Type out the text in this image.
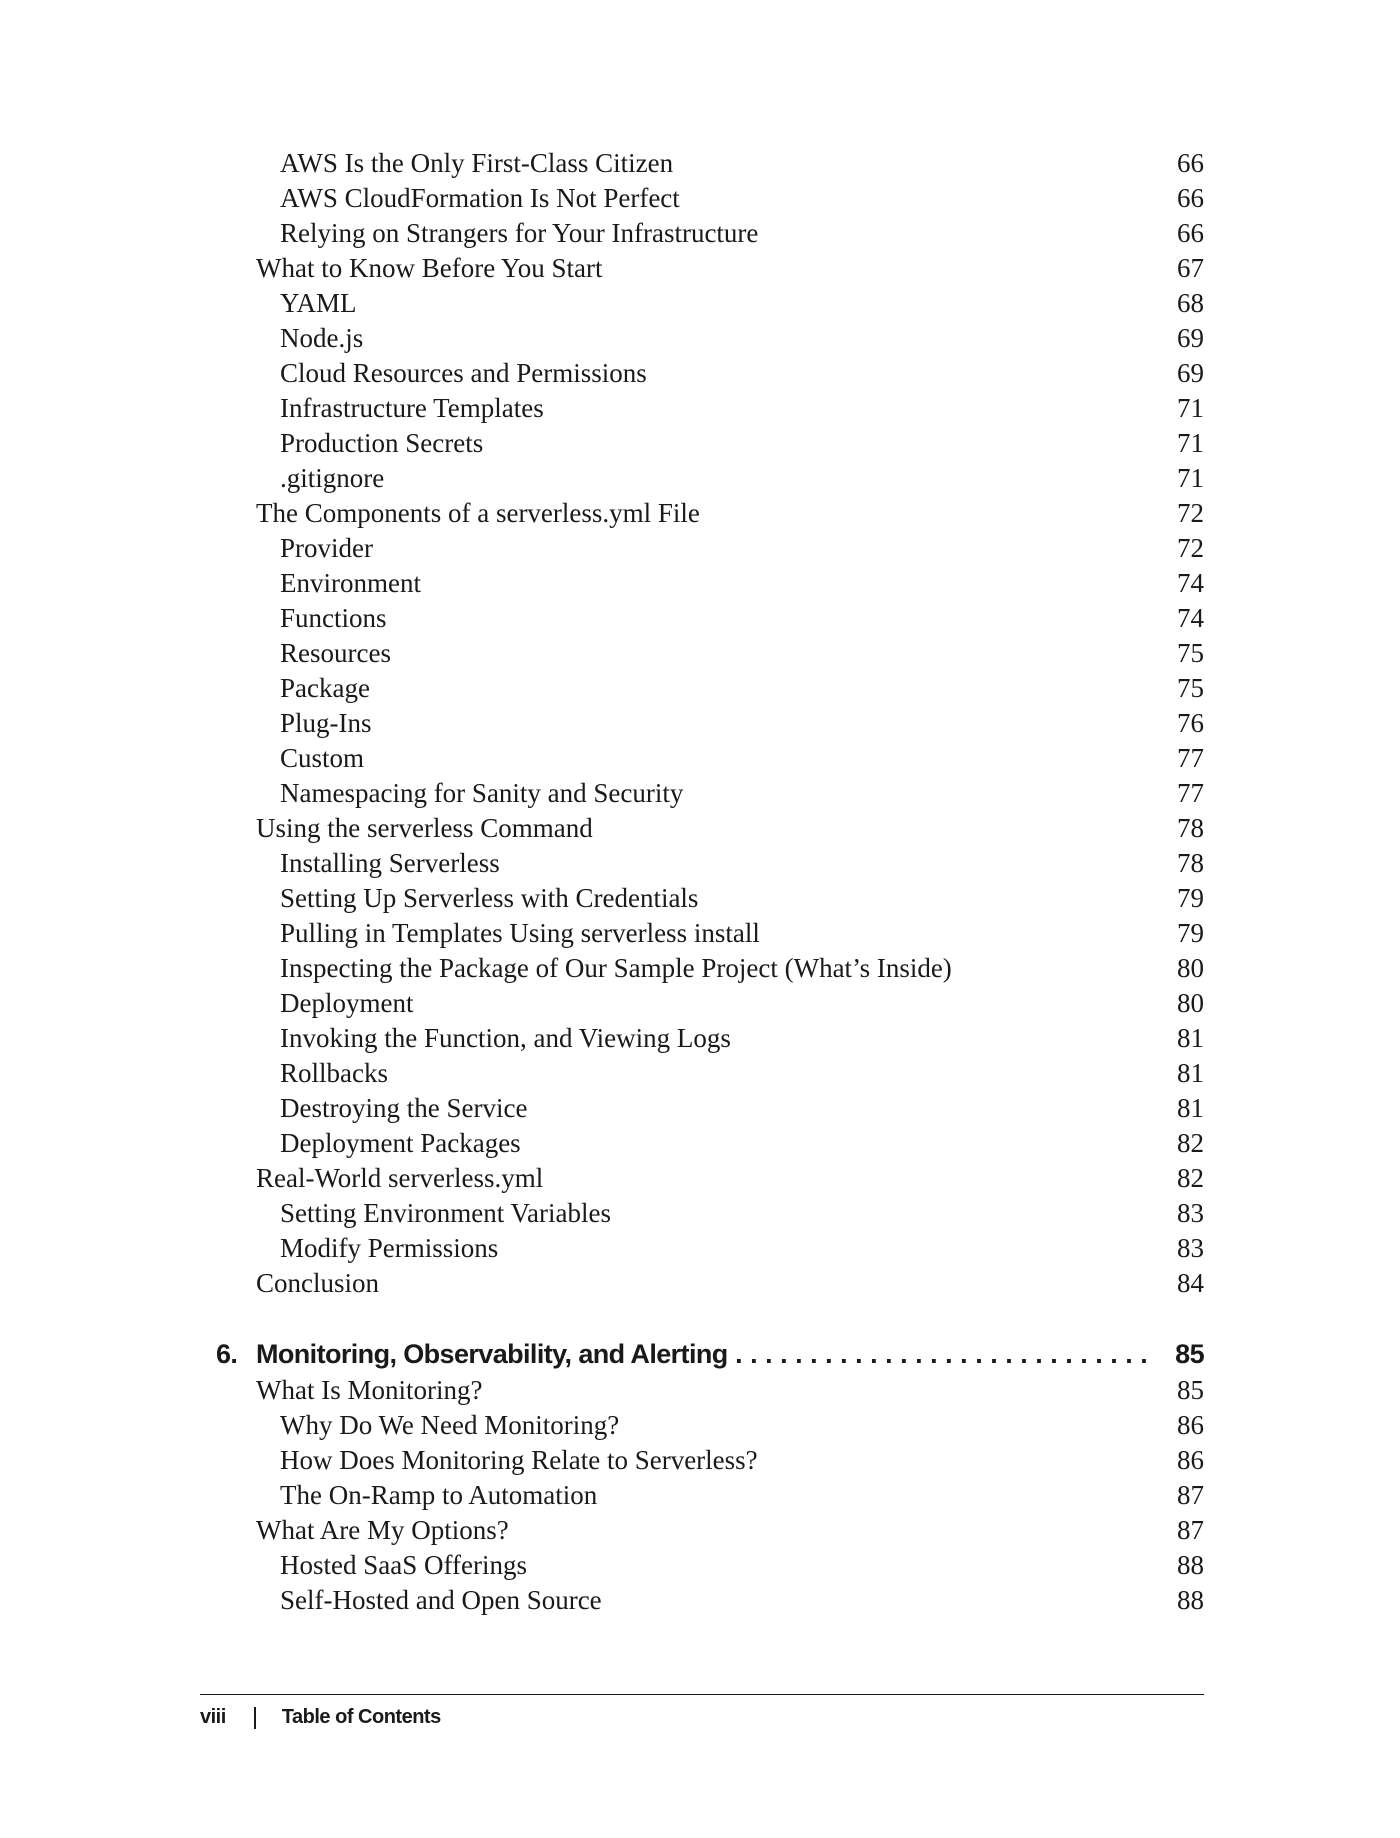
AWS Is the Only First-Class Citizen	66
AWS CloudFormation Is Not Perfect	66
Relying on Strangers for Your Infrastructure	66
What to Know Before You Start	67
YAML	68
Node.js	69
Cloud Resources and Permissions	69
Infrastructure Templates	71
Production Secrets	71
.gitignore	71
The Components of a serverless.yml File	72
Provider	72
Environment	74
Functions	74
Resources	75
Package	75
Plug-Ins	76
Custom	77
Namespacing for Sanity and Security	77
Using the serverless Command	78
Installing Serverless	78
Setting Up Serverless with Credentials	79
Pulling in Templates Using serverless install	79
Inspecting the Package of Our Sample Project (What’s Inside)	80
Deployment	80
Invoking the Function, and Viewing Logs	81
Rollbacks	81
Destroying the Service	81
Deployment Packages	82
Real-World serverless.yml	82
Setting Environment Variables	83
Modify Permissions	83
Conclusion	84
6. Monitoring, Observability, and Alerting . . .	85
What Is Monitoring?	85
Why Do We Need Monitoring?	86
How Does Monitoring Relate to Serverless?	86
The On-Ramp to Automation	87
What Are My Options?	87
Hosted SaaS Offerings	88
Self-Hosted and Open Source	88
viii	Table of Contents
